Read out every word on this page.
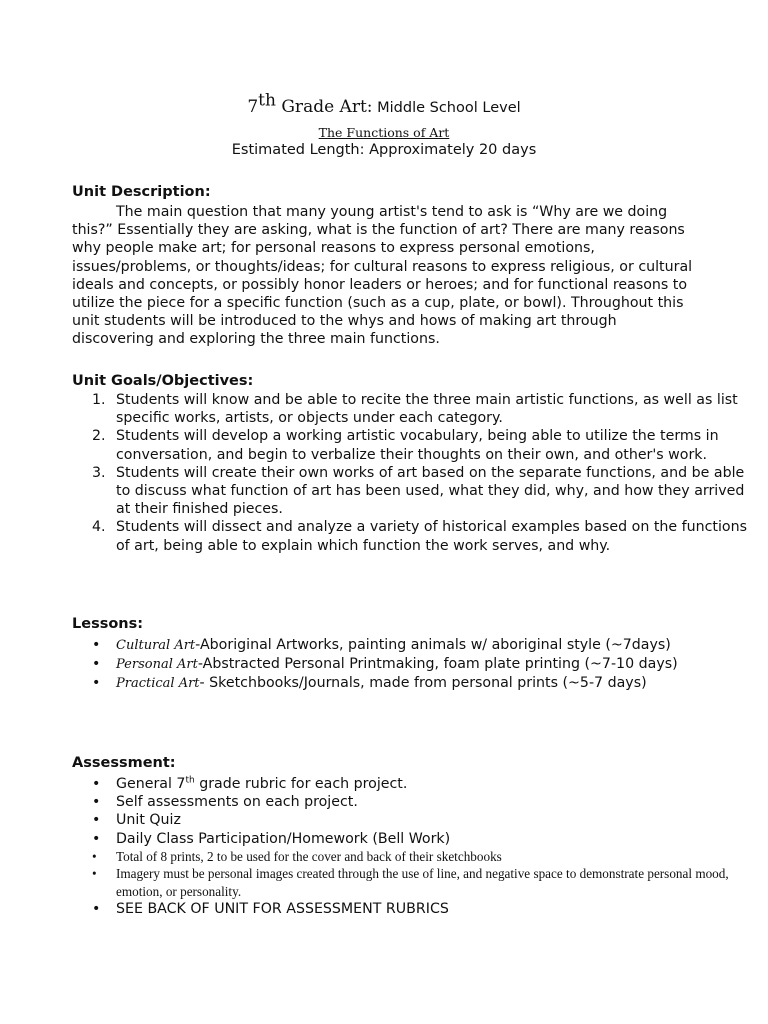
7th Grade Art: Middle School Level
The Functions of Art
Estimated Length: Approximately 20 days
Unit Description:

The main question that many young artist's tend to ask is “Why are we doing this?” Essentially they are asking, what is the function of art? There are many reasons why people make art; for personal reasons to express personal emotions, issues/problems, or thoughts/ideas; for cultural reasons to express religious, or cultural ideals and concepts, or possibly honor leaders or heroes; and for functional reasons to utilize the piece for a specific function (such as a cup, plate, or bowl). Throughout this unit students will be introduced to the whys and hows of making art through discovering and exploring the three main functions.

Unit Goals/Objectives:
1. Students will know and be able to recite the three main artistic functions, as well as list specific works, artists, or objects under each category.
2. Students will develop a working artistic vocabulary, being able to utilize the terms in conversation, and begin to verbalize their thoughts on their own, and other's work.
3. Students will create their own works of art based on the separate functions, and be able to discuss what function of art has been used, what they did, why, and how they arrived at their finished pieces.
4. Students will dissect and analyze a variety of historical examples based on the functions of art, being able to explain which function the work serves, and why.
Lessons:
• Cultural Art-Aboriginal Artworks, painting animals w/ aboriginal style (~7days)
• Personal Art-Abstracted Personal Printmaking, foam plate printing (~7-10 days)
• Practical Art- Sketchbooks/Journals, made from personal prints (~5-7 days)
Assessment:
• General 7th grade rubric for each project.
• Self assessments on each project.
• Unit Quiz
• Daily Class Participation/Homework (Bell Work)
• Total of 8 prints, 2 to be used for the cover and back of their sketchbooks
• Imagery must be personal images created through the use of line, and negative space to demonstrate personal mood, emotion, or personality.
• SEE BACK OF UNIT FOR ASSESSMENT RUBRICS
